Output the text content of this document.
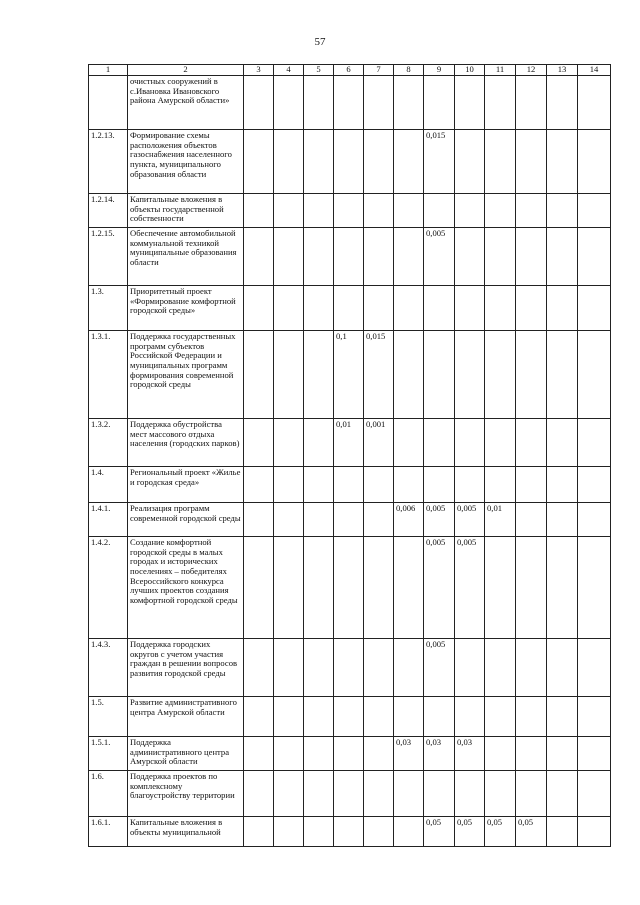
57
1	2	3	4	5	6	7	8	9	10	11	12	13	14
	очистных сооружений в с.Ивановка Ивановского района Амурской области»												
1.2.13.	Формирование схемы расположения объектов газоснабжения населенного пункта, муниципального образования области							0,015					
1.2.14.	Капитальные вложения в объекты государственной собственности												
1.2.15.	Обеспечение автомобильной коммунальной техникой муниципальные образования области							0,005					
1.3.	Приоритетный проект «Формирование комфортной городской среды»												
1.3.1.	Поддержка государственных программ субъектов Российской Федерации и муниципальных программ формирования современной городской среды				0,1	0,015							
1.3.2.	Поддержка обустройства мест массового отдыха населения (городских парков)				0,01	0,001							
1.4.	Региональный проект «Жилье и городская среда»												
1.4.1.	Реализация программ современной городской среды						0,006	0,005	0,005	0,01			
1.4.2.	Создание комфортной городской среды в малых городах и исторических поселениях – победителях Всероссийского конкурса лучших проектов создания комфортной городской среды							0,005	0,005				
1.4.3.	Поддержка городских округов с учетом участия граждан в решении вопросов развития городской среды							0,005					
1.5.	Развитие административного центра Амурской области												
1.5.1.	Поддержка административного центра Амурской области						0,03	0,03	0,03				
1.6.	Поддержка проектов по комплексному благоустройству территории												
1.6.1.	Капитальные вложения в объекты муниципальной							0,05	0,05	0,05	0,05		
